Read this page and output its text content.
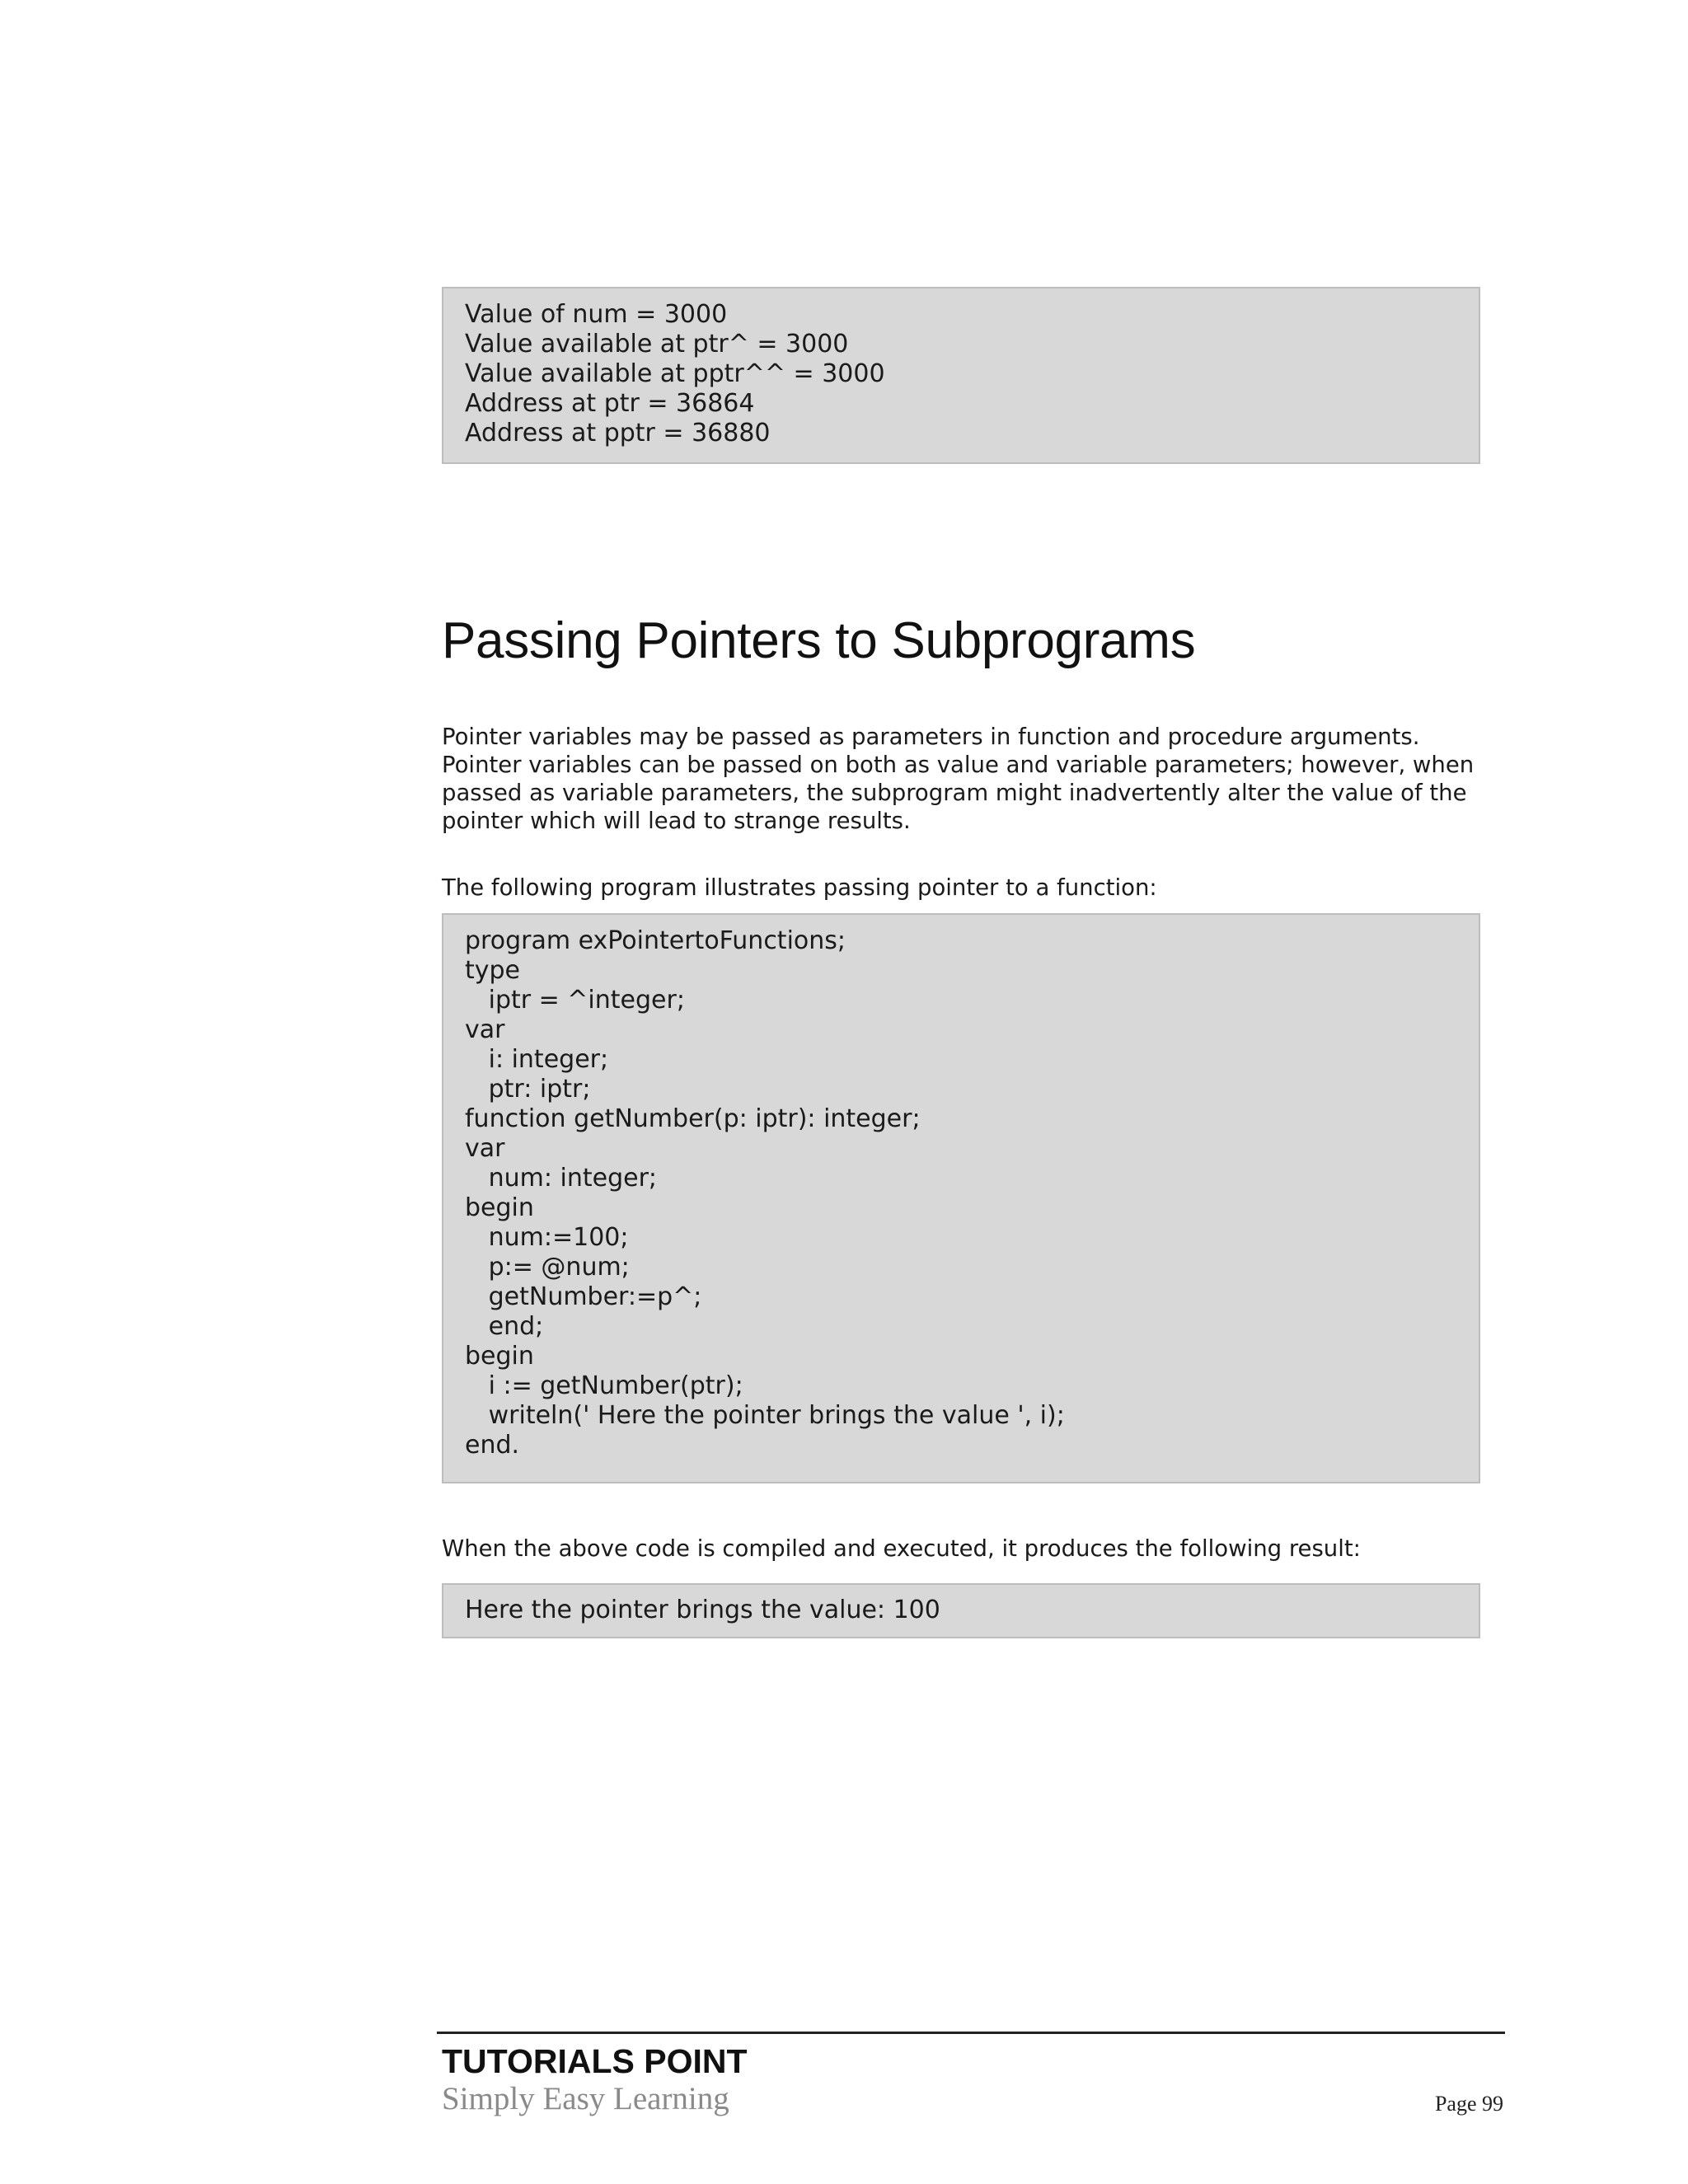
Value of num = 3000
Value available at ptr^ = 3000
Value available at pptr^^ = 3000
Address at ptr = 36864
Address at pptr = 36880
Passing Pointers to Subprograms
Pointer variables may be passed as parameters in function and procedure arguments.
Pointer variables can be passed on both as value and variable parameters; however, when
passed as variable parameters, the subprogram might inadvertently alter the value of the
pointer which will lead to strange results.
The following program illustrates passing pointer to a function:
program exPointertoFunctions;
type
iptr = ^integer;
var
i: integer;
ptr: iptr;
function getNumber(p: iptr): integer;
var
num: integer;
begin
num:=100;
p:= @num;
getNumber:=p^;
end;
begin
i := getNumber(ptr);
writeln(' Here the pointer brings the value ', i);
end.
When the above code is compiled and executed, it produces the following result:
Here the pointer brings the value: 100
TUTORIALS POINT
Simply Easy Learning	Page 99
